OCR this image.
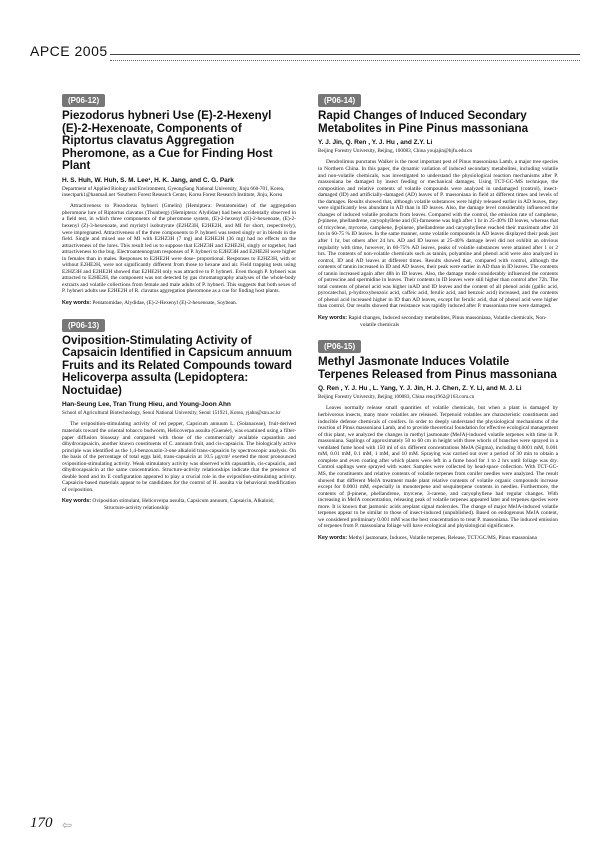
APCE 2005
(P06-12)
Piezodorus hybneri Use (E)-2-Hexenyl (E)-2-Hexenoate, Components of Riptortus clavatus Aggregation Pheromone, as a Cue for Finding Host Plant
H. S. Huh, W. Huh, S. M. Lee¹, H. K. Jang, and C. G. Park
Department of Applied Biology and Environment, GyeongSang National University, Jinju 660-701, Korea, insectpark1@hanmail.net ¹Southern Forest Research Center, Korea Forest Research Institute, Jinju, Korea

Attractiveness to Piezodorus hybneri (Gmelin) (Hemiptera: Pentatomidae) of the aggregation pheromone lure of Riptortus clavatus (Thunberg) (Hemiptera: Alydidae) had been accidentally observed in a field test, in which three components of the pheromone system, (E)-2-hexenyl (E)-2-hexenoate, (E)-2-hexenyl (Z)-3-hexenoate, and myristyl isobutyrate (E2HZ3H, E2HE2H, and MI for short, respectively), were impregnated. Attractiveness of the three components to P. hybneri was tested singly or in blends in the field. Single and mixed use of MI with E2HZ3H (7 mg) and E2HE2H (36 mg) had no effects on the attractiveness of the lures. This result led us to suppose that E2HZ3H and E2HE2H, singly or together, had attractiveness to the bug. Electroantennogram responses of P. hybneri to E2HZ3H and E2HE2H were higher in females than in males. Responses to E2HE2H were dose- proportional. Responses to E2HZ3H, with or without E2HE2H, were not significantly different from those to hexane and air. Field trapping tests using E2HZ3H and E2HE2H showed that E2HE2H only was attractive to P. hybneri. Even though P. hybneri was attracted to E2HE2H, the component was not detected by gas chromatography analyses of the whole-body extracts and volatile collections from female and male adults of P. hybneri. This suggests that both sexes of P. hybneri adults use E2HE2H of R. clavatus aggregation pheromone as a cue for finding host plants.

Key words: Pentatomidae, Alydidae, (E)-2-Hexenyl (E)-2-hexenoate, Soybean.
(P06-13)
Oviposition-Stimulating Activity of Capsaicin Identified in Capsicum annuum Fruits and its Related Compounds toward Helicoverpa assulta (Lepidoptera: Noctuidae)
Han-Seung Lee, Tran Trung Hieu, and Young-Joon Ahn
School of Agricultural Biotechnology, Seoul National University, Seoul 151921, Korea, yjahn@snu.ac.kr

The oviposition-stimulating activity of red pepper, Capsicum annuum L. (Solanaceae), fruit-derived materials toward the oriental tobacco budworm, Helicoverpa assulta (Guenée), was examined using a filter-paper diffusion bioassay and compared with those of the commercially available capsanthin and dihydrocapsaicin, another known constituents of C. annuum fruit, and cis-capsaicin. The biologically active principle was identified as the 1,4-benzoxazin-3-one alkaloid trans-capsaicin by spectroscopic analysis. On the basis of the percentage of total eggs laid, trans-capsaicin at 10.5 μg/cm² exerted the most pronounced oviposition-stimulating activity. Weak stimulatory activity was observed with capsanthin, cis-capsaicin, and dihydrocapsaicin at the same concentration. Structure-activity relationships indicate that the presence of double bond and its E configuration appeared to play a crucial role in the oviposition-stimulating activity. Capsaicin-based materials appear to be candidates for the control of H. assulta via behavioral modification of oviposition.

Key words: Oviposition stimulant, Helicoverpa assulta, Capsicum annuum, Capsaicin, Alkaloid, Structure-activity relationship
(P06-14)
Rapid Changes of Induced Secondary Metabolites in Pine Pinus massoniana
Y. J. Jin, Q. Ren , Y. J. Hu , and Z.Y. Li
Beijing Forestry University, Beijing, 100083, China youjajin@bjfu.edu.cn

Dendrolimus punctatus Walker is the most important pest of Pinus massoniana Lamb, a major tree species in Northern China. In this paper, the dynamic variation of induced secondary metabolites, including volatile and non-volatile chemicals, was investigated to understand the physiological reaction mechanisms after P. massoniana be damaged by insect feeding or mechanical damages. Using TCT-GC-MS technique, the composition and relative contents of volatile compounds were analyzed in undamaged (control), insect-damaged (ID) and artificially-damaged (AD) leaves of P. massoniana in field at different times and levels of the damages. Results showed that, although volatile substances were highly released earlier in AD leaves, they were significantly less abundant in AD than in ID leaves. Also, the damage level considerably influenced the changes of induced volatile products from leaves. Compared with the control, the emission rate of camphene, β-pinene, phellandrene, caryophyllene and (E)-farnesene was high after 1 hr in 25-40% ID leaves, whereas that of tricyclene, myrcene, camphene, β-pinene, phellandrene and caryophyllene reached their maximum after 24 hrs in 60-75 % ID leaves. In the same manner, some volatile compounds in AD leaves displayed their peak just after 1 hr, but others after 24 hrs. AD and ID leaves at 25-40% damage level did not exhibit an obvious regularity with time, however, in 60-75% AD leaves, peaks of volatile substances were attained after 1 or 2 hrs. The contents of non-volatile chemicals such as tannin, polyamine and phenol acid were also analyzed in control, ID and AD leaves at different times. Results showed that, compared with control, although the contents of tannin increased in ID and AD leaves, their peak were earlier in AD than in ID leaves. The contents of tannin increased again after 48h in ID leaves. Also, the damage mode considerably influenced the contents of putrescine and spermidine in leaves. Their contents in ID leaves were still higher than control after 72h. The total contents of phenol acid was higher inAD and ID leaves and the content of all phenol acids (gallic acid, pyrocatechol, p-hydroxybenzoic acid, caffeic acid, ferulic acid, and benzoic acid) increased, and the contents of phenol acid increased higher in ID than AD leaves, except for ferulic acid, that of phenol acid were higher than control. Our results showed that resistance was rapidly induced after P. massoniana tree were damaged.

Key words: Rapid changes, Induced secondary metabolites, Pinus massoniana, Volatile chemicals, Non-volatile chemicals
(P06-15)
Methyl Jasmonate Induces Volatile Terpenes Released from Pinus massoniana
Q. Ren , Y. J. Hu , L. Yang, Y. J. Jin, H. J. Chen, Z. Y. Li, and M. J. Li
Beijing Forestry University, Beijing 100083, China renq1962@163.com.cn

Leaves normally release small quantities of volatile chemicals, but when a plant is damaged by herbivorous insects, many more volatiles are released. Terpenoid volatiles are characteristic constituents and inducible defense chemicals of conifers. In order to deeply understand the physiological mechanisms of the reaction of Pinus massoniana Lamb, and to provide theoretical foundation for effective ecological management of this plant, we analyzed the changes in methyl jasmonate (MeJA)-induced volatile terpenes with time in P. massoniana. Saplings of approximately 50 to 60 cm in height with three whorls of branches were sprayed in a ventilated fume hood with 150 ml of six different concentrations MeJA (Sigma), including 0.0001 mM, 0.001 mM, 0.01 mM, 0.1 mM, 1 mM, and 10 mM. Spraying was carried out over a period of 30 min to obtain a complete and even coating after which plants were left in a fume hood for 1 to 2 hrs until foliage was dry. Control saplings were sprayed with water. Samples were collected by head-space collection. With TCT-GC-MS, the constituents and relative contents of volatile terpenes from conifer needles were analyzed. The result showed that different MeJA treatment made plant relative contents of volatile organic compounds increase except for 0.0001 mM, especially in monoterpene and sesquiterpene contents in needles. Furthermore, the contents of β-pinene, phellandrene, myrcene, 3-carene, and caryophyllene had regular changes. With increasing in MeJA concentration, releasing peak of volatile terpenes appeared later and terpenes species were more. It is known that jasmonic acids areplant signal molecules. The change of major MeJA-induced volatile terpenes appear to be similar to those of insect-induced (unpublished). Based on endogenous MeJA content, we considered preliminary 0.001 mM was the best concentration to treat P. massoniana. The induced emission of terpenes from P. massoniana foliage will have ecological and physiological significance.

Key words: Methyl jasmonate, Induces, Volatile terpenes, Release, TCT/GC/MS, Pinus massoniana
170 ⇦
